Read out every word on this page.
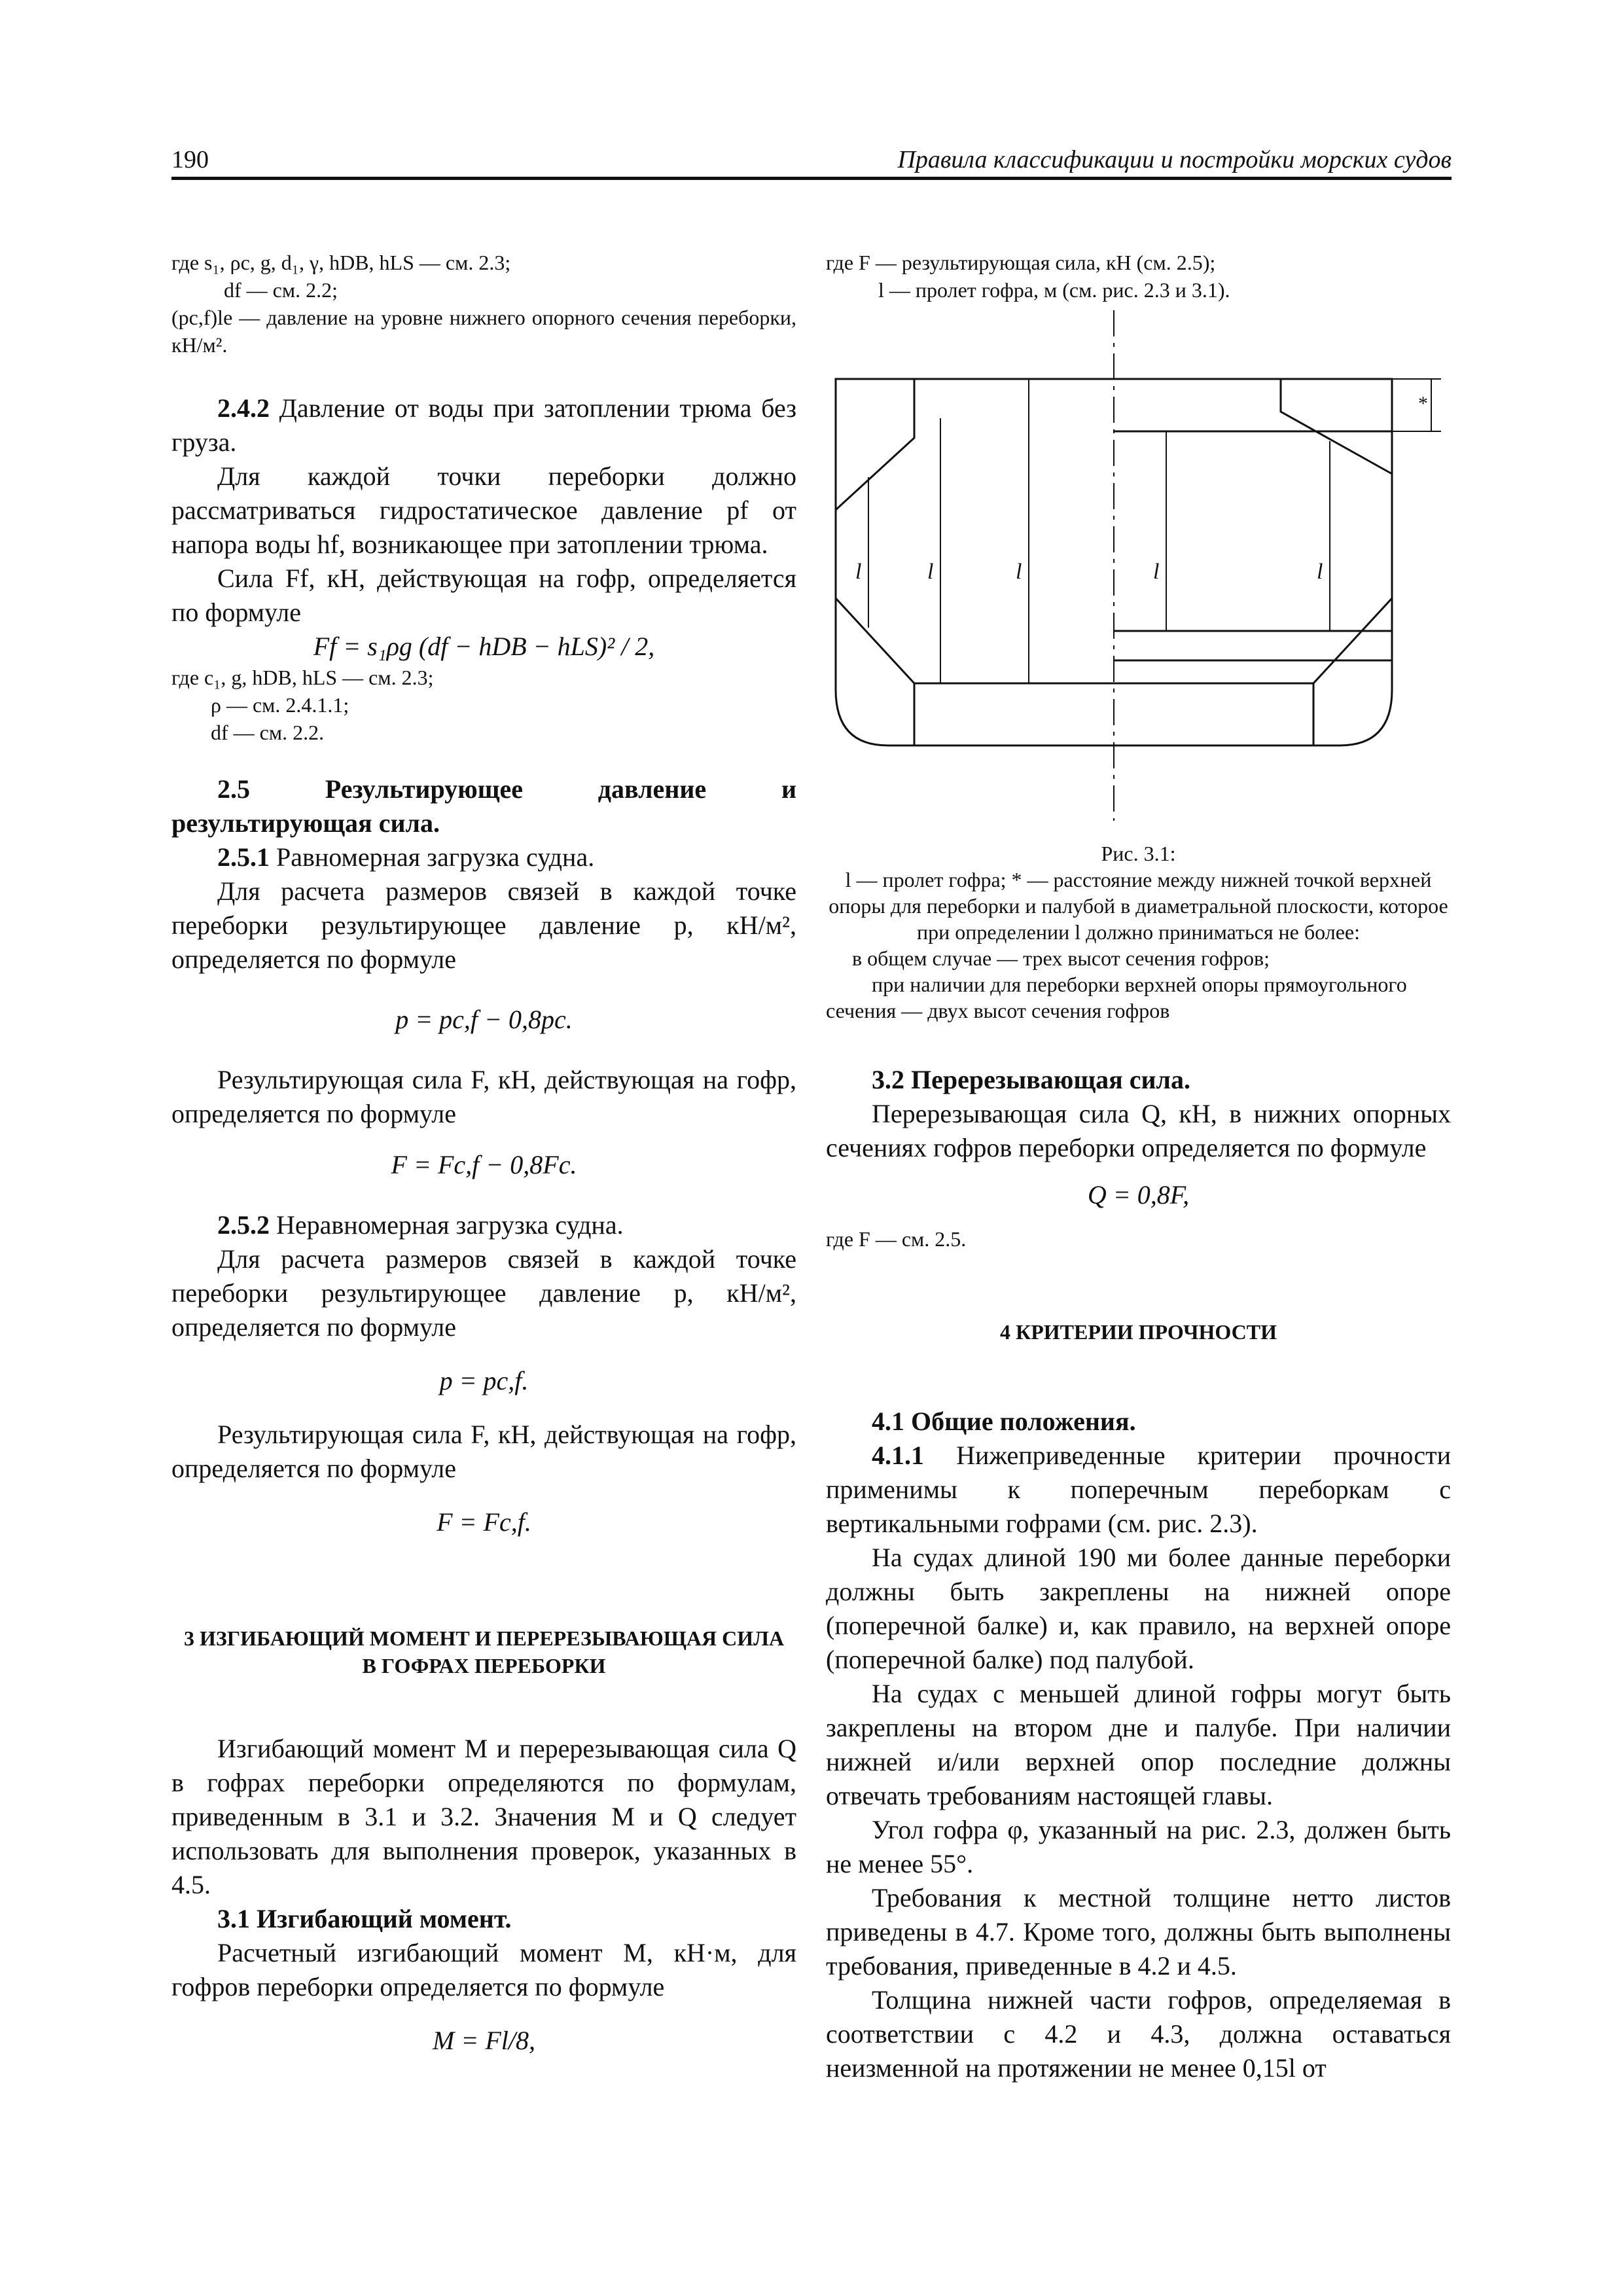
190	Правила классификации и постройки морских судов

где s₁, ρc, g, d₁, γ, hDB, hLS — см. 2.3;

df — см. 2.2;

(pc,f)le — давление на уровне нижнего опорного сечения переборки, кН/м².

2.4.2 Давление от воды при затоплении трюма без груза.

Для каждой точки переборки должно рассматриваться гидростатическое давление pf от напора воды hf, возникающее при затоплении трюма.

Сила Ff, кН, действующая на гофр, определяется по формуле

Ff = s₁ρg (df − hDB − hLS)² / 2,

где c₁, g, hDB, hLS — см. 2.3;

ρ — см. 2.4.1.1;

df — см. 2.2.

2.5 Результирующее давление и результирующая сила.

2.5.1 Равномерная загрузка судна.

Для расчета размеров связей в каждой точке переборки результирующее давление p, кН/м², определяется по формуле

p = pc,f − 0,8pc.

Результирующая сила F, кН, действующая на гофр, определяется по формуле

F = Fc,f − 0,8Fc.

2.5.2 Неравномерная загрузка судна.

Для расчета размеров связей в каждой точке переборки результирующее давление p, кН/м², определяется по формуле

p = pc,f.

Результирующая сила F, кН, действующая на гофр, определяется по формуле

F = Fc,f.

3 ИЗГИБАЮЩИЙ МОМЕНТ И ПЕРЕРЕЗЫВАЮЩАЯ СИЛА

В ГОФРАХ ПЕРЕБОРКИ

Изгибающий момент M и перерезывающая сила Q в гофрах переборки определяются по формулам, приведенным в 3.1 и 3.2. Значения M и Q следует использовать для выполнения проверок, указанных в 4.5.

3.1 Изгибающий момент.

Расчетный изгибающий момент M, кН·м, для гофров переборки определяется по формуле

M = Fl/8,

где F — результирующая сила, кН (см. 2.5);

l — пролет гофра, м (см. рис. 2.3 и 3.1).

l	l	l	l	l
*

Рис. 3.1:

l — пролет гофра; * — расстояние между нижней точкой верхней опоры для переборки и палубой в диаметральной плоскости, которое при определении l должно приниматься не более:

в общем случае — трех высот сечения гофров;

при наличии для переборки верхней опоры прямоугольного сечения — двух высот сечения гофров

3.2 Перерезывающая сила.

Перерезывающая сила Q, кН, в нижних опорных сечениях гофров переборки определяется по формуле

Q = 0,8F,

где F — см. 2.5.

4 КРИТЕРИИ ПРОЧНОСТИ

4.1 Общие положения.

4.1.1 Нижеприведенные критерии прочности применимы к поперечным переборкам с вертикальными гофрами (см. рис. 2.3).

На судах длиной 190 ми более данные переборки должны быть закреплены на нижней опоре (поперечной балке) и, как правило, на верхней опоре (поперечной балке) под палубой.

На судах с меньшей длиной гофры могут быть закреплены на втором дне и палубе. При наличии нижней и/или верхней опор последние должны отвечать требованиям настоящей главы.

Угол гофра φ, указанный на рис. 2.3, должен быть не менее 55°.

Требования к местной толщине нетто листов приведены в 4.7. Кроме того, должны быть выполнены требования, приведенные в 4.2 и 4.5.

Толщина нижней части гофров, определяемая в соответствии с 4.2 и 4.3, должна оставаться неизменной на протяжении не менее 0,15l от
